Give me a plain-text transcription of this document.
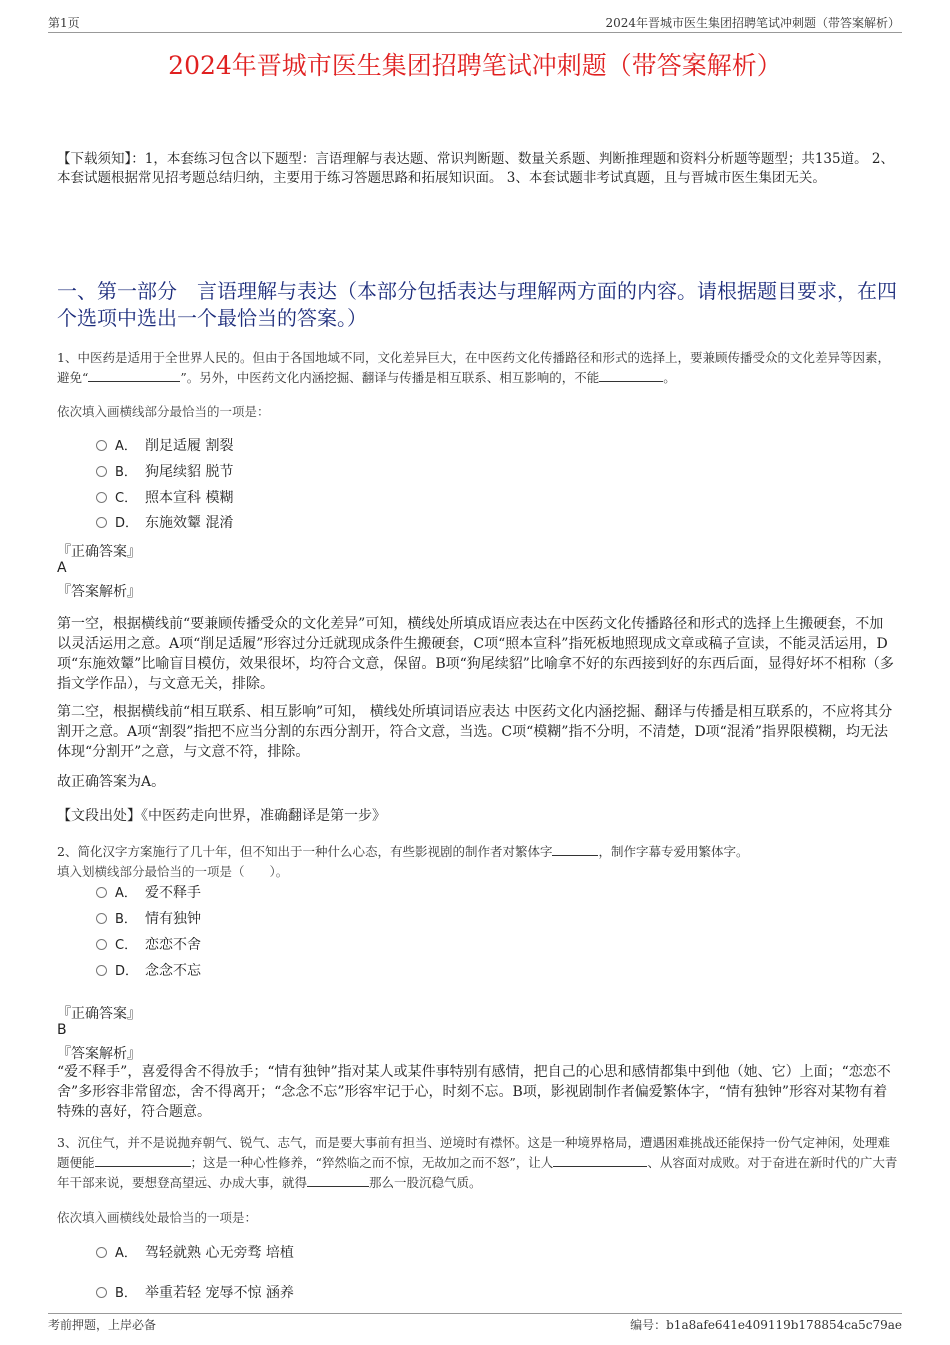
第1页	2024年晋城市医生集团招聘笔试冲刺题（带答案解析）
2024年晋城市医生集团招聘笔试冲刺题（带答案解析）
【下载须知】：1，本套练习包含以下题型：言语理解与表达题、常识判断题、数量关系题、判断推理题和资料分析题等题型；共135道。 2、本套试题根据常见招考题总结归纳，主要用于练习答题思路和拓展知识面。 3、本套试题非考试真题，且与晋城市医生集团无关。
一、第一部分　言语理解与表达（本部分包括表达与理解两方面的内容。请根据题目要求，在四个选项中选出一个最恰当的答案。）
1、中医药是适用于全世界人民的。但由于各国地域不同，文化差异巨大，在中医药文化传播路径和形式的选择上，要兼顾传播受众的文化差异等因素，避免“	”。另外，中医药文化内涵挖掘、翻译与传播是相互联系、相互影响的，不能	。
依次填入画横线部分最恰当的一项是：
A． 削足适履 割裂
B． 狗尾续貂 脱节
C． 照本宣科 模糊
D． 东施效颦 混淆
『正确答案』
A
『答案解析』
第一空，根据横线前“要兼顾传播受众的文化差异”可知，横线处所填成语应表达在中医药文化传播路径和形式的选择上生搬硬套，不加以灵活运用之意。A项“削足适履”形容过分迁就现成条件生搬硬套，C项“照本宣科”指死板地照现成文章或稿子宣读，不能灵活运用，D项“东施效颦”比喻盲目模仿，效果很坏，均符合文意，保留。B项“狗尾续貂”比喻拿不好的东西接到好的东西后面，显得好坏不相称（多指文学作品），与文意无关，排除。
第二空，根据横线前“相互联系、相互影响”可知， 横线处所填词语应表达 中医药文化内涵挖掘、翻译与传播是相互联系的，不应将其分割开之意。A项“割裂”指把不应当分割的东西分割开，符合文意，当选。C项“模糊”指不分明，不清楚，D项“混淆”指界限模糊，均无法体现“分割开”之意，与文意不符，排除。
故正确答案为A。
【文段出处】《中医药走向世界，准确翻译是第一步》
2、简化汉字方案施行了几十年，但不知出于一种什么心态，有些影视剧的制作者对繁体字	，制作字幕专爱用繁体字。
填入划横线部分最恰当的一项是（　　）。
A． 爱不释手
B． 情有独钟
C． 恋恋不舍
D． 念念不忘
『正确答案』
B
『答案解析』
“爱不释手”，喜爱得舍不得放手；“情有独钟”指对某人或某件事特别有感情，把自己的心思和感情都集中到他（她、它）上面；“恋恋不舍”多形容非常留恋，舍不得离开；“念念不忘”形容牢记于心，时刻不忘。B项，影视剧制作者偏爱繁体字，“情有独钟”形容对某物有着特殊的喜好，符合题意。
3、沉住气，并不是说抛弃朝气、锐气、志气，而是要大事前有担当、逆境时有襟怀。这是一种境界格局，遭遇困难挑战还能保持一份气定神闲，处理难题便能	；这是一种心性修养，“猝然临之而不惊，无故加之而不怒”，让人	、从容面对成败。对于奋进在新时代的广大青年干部来说，要想登高望远、办成大事，就得	那么一股沉稳气质。
依次填入画横线处最恰当的一项是：
A． 驾轻就熟 心无旁骛 培植
B． 举重若轻 宠辱不惊 涵养
考前押题，上岸必备	编号：b1a8afe641e409119b178854ca5c79ae
